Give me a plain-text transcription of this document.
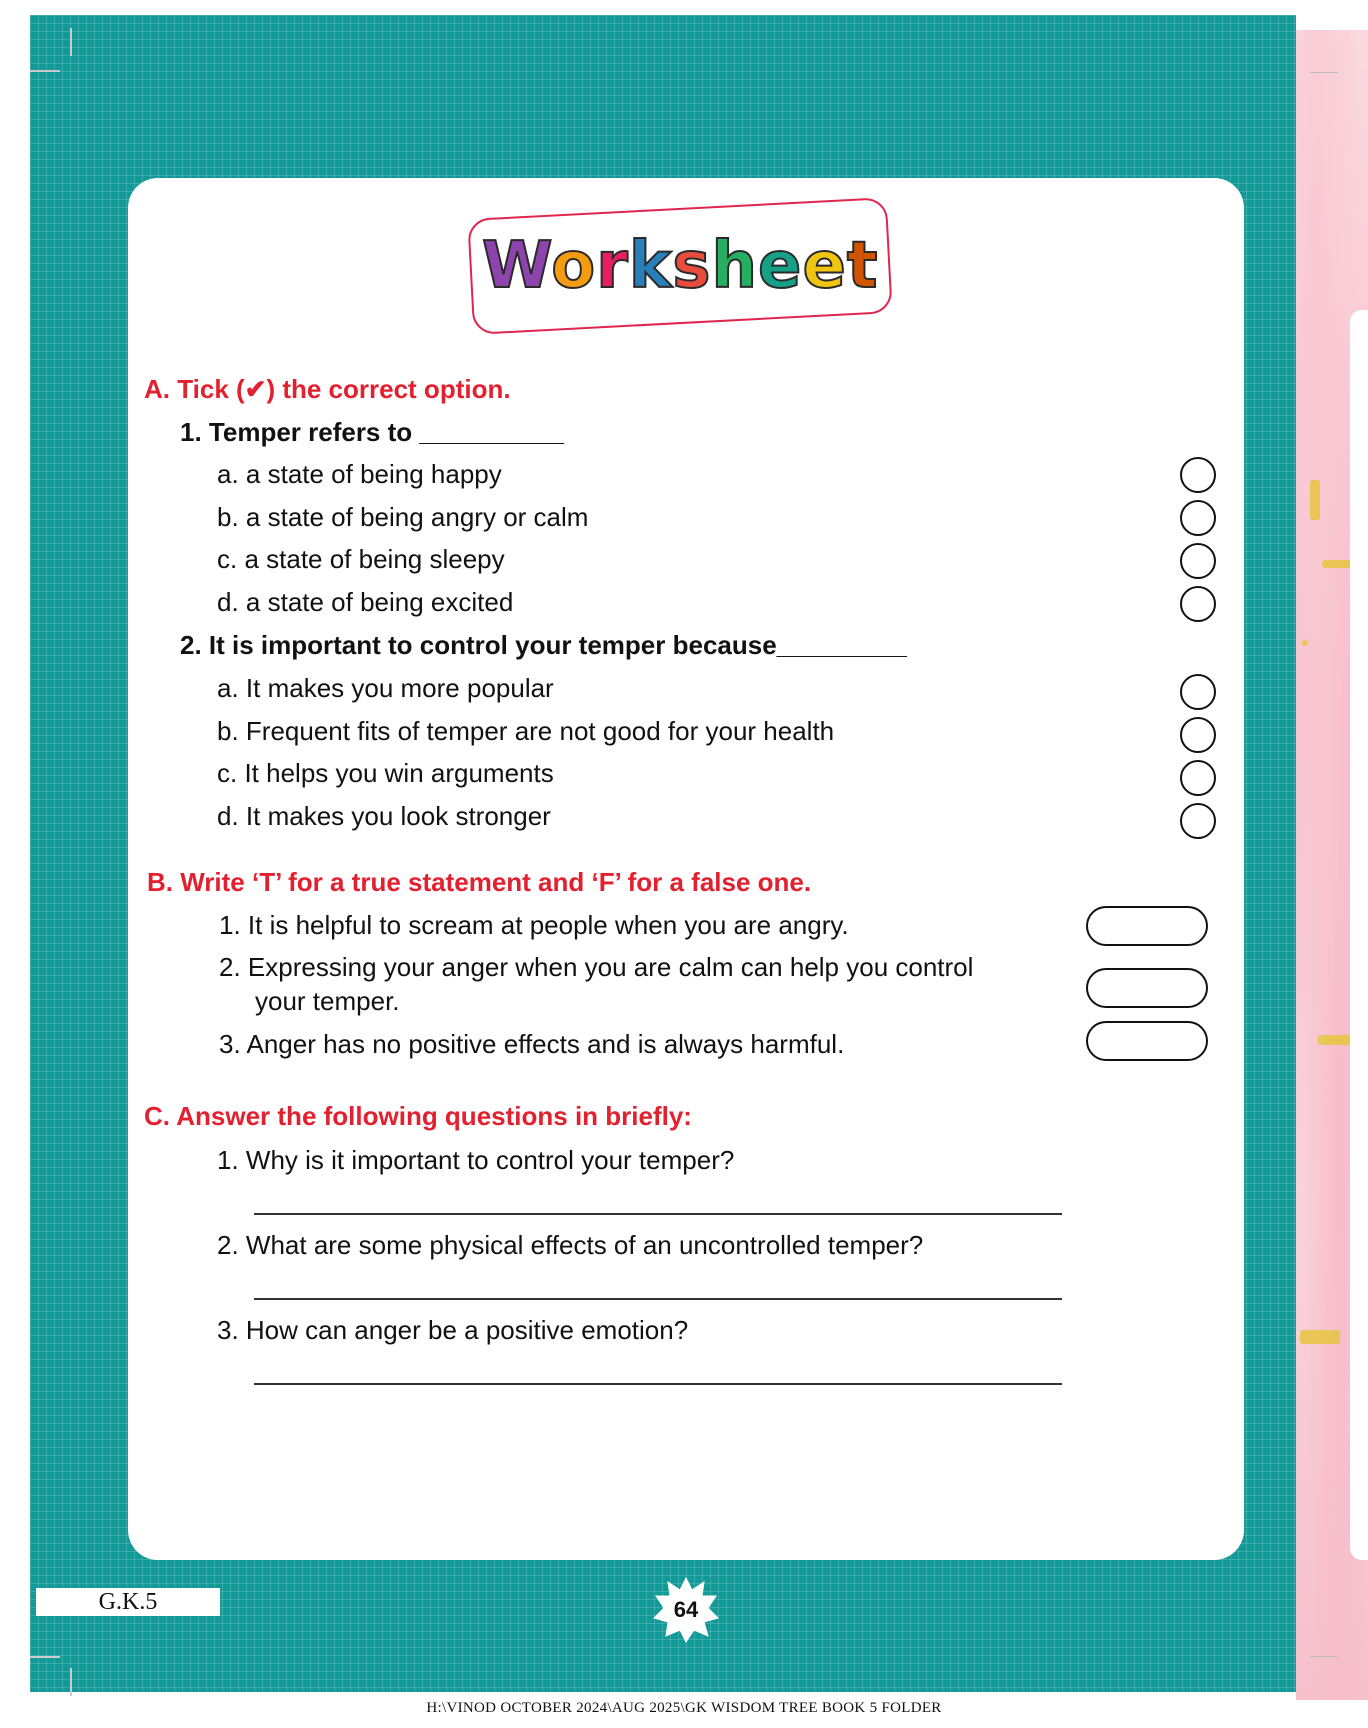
Worksheet
A. Tick (✔) the correct option.
1. Temper refers to __________
a. a state of being happy
b. a state of being angry or calm
c. a state of being sleepy
d. a state of being excited
2. It is important to control your temper because_________
a. It makes you more popular
b. Frequent fits of temper are not good for your health
c. It helps you win arguments
d. It makes you look stronger
B. Write ‘T’ for a true statement and ‘F’ for a false one.
1. It is helpful to scream at people when you are angry.
2. Expressing your anger when you are calm can help you control
your temper.
3. Anger has no positive effects and is always harmful.
C. Answer the following questions in briefly:
1. Why is it important to control your temper?
2. What are some physical effects of an uncontrolled temper?
3. How can anger be a positive emotion?
G.K.5	64
H:\VINOD OCTOBER 2024\AUG 2025\GK WISDOM TREE BOOK 5 FOLDER
